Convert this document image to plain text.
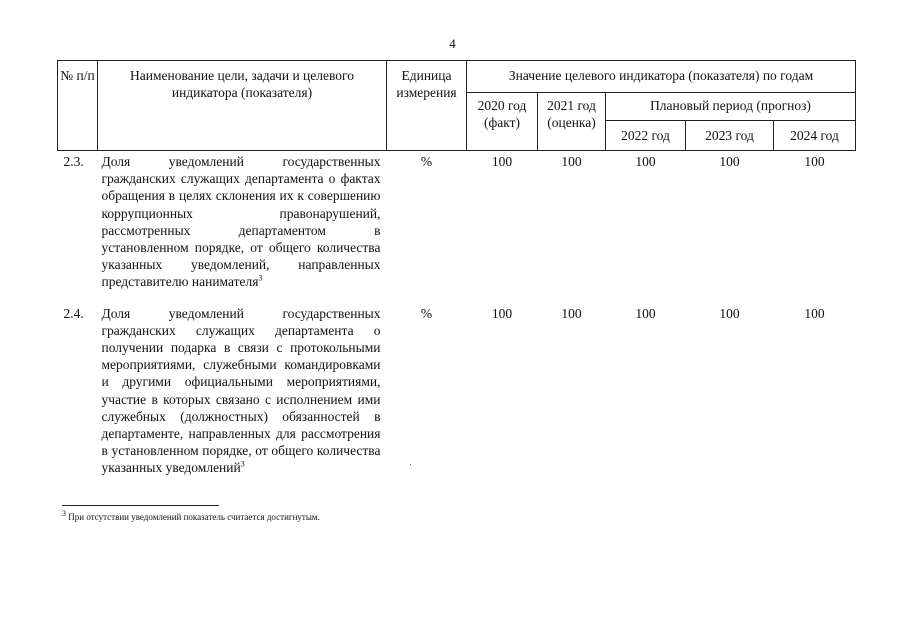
4
№ п/п	Наименование цели, задачи и целевого индикатора (показателя)	Единица измерения	Значение целевого индикатора (показателя) по годам				
			2020 год (факт)	2021 год (оценка)	Плановый период (прогноз)		
					2022 год	2023 год	2024 год
2.3.	Доля уведомлений государственных гражданских служащих департамента о фактах обращения в целях склонения их к совершению коррупционных правонарушений, рассмотренных департаментом в установленном порядке, от общего количества указанных уведомлений, направленных представителю нанимателя$^3$	%	100	100	100	100	100
2.4.	Доля уведомлений государственных гражданских служащих департамента о получении подарка в связи с протокольными мероприятиями, служебными командировками и другими официальными мероприятиями, участие в которых связано с исполнением ими служебных (должностных) обязанностей в департаменте, направленных для рассмотрения в установленном порядке, от общего количества указанных уведомлений$^3$	%	100	100	100	100	100
$^3$ При отсутствии уведомлений показатель считается достигнутым.
